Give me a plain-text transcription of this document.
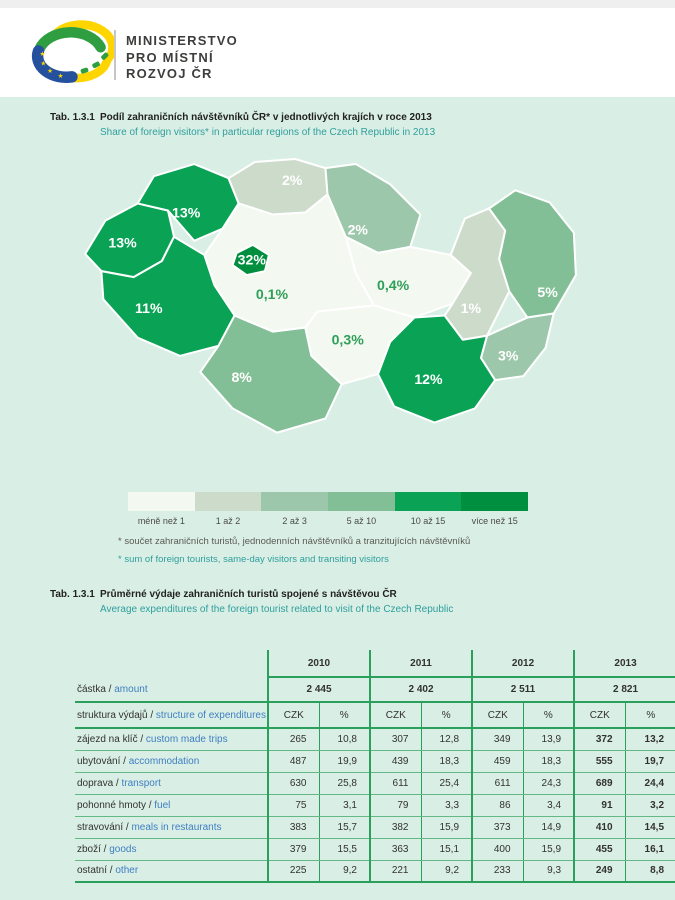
★
★
★
★
MINISTERSTVO
PRO MÍSTNÍ
ROZVOJ ČR
Tab. 1.3.1 Podíl zahraničních návštěvníků ČR* v jednotlivých krajích v roce 2013
Share of foreign visitors* in particular regions of the Czech Republic in 2013
13%
13%
2%
2%
0,4%
1%
5%
3%
12%
0,3%
0,1%
11%
8%
32%
méně než 1	1 až 2	2 až 3	5 až 10	10 až 15	více než 15
* součet zahraničních turistů, jednodenních návštěvníků a tranzitujících návštěvníků
* sum of foreign tourists, same-day visitors and transiting visitors
Tab. 1.3.1 Průměrné výdaje zahraničních turistů spojené s návštěvou ČR
Average expenditures of the foreign tourist related to visit of the Czech Republic
	2010		2011		2012		2013	
částka / amount	2 445		2 402		2 511		2 821	
struktura výdajů / structure of expenditures	CZK	%	CZK	%	CZK	%	CZK	%
zájezd na klíč / custom made trips	265	10,8	307	12,8	349	13,9	372	13,2
ubytování / accommodation	487	19,9	439	18,3	459	18,3	555	19,7
doprava / transport	630	25,8	611	25,4	611	24,3	689	24,4
pohonné hmoty / fuel	75	3,1	79	3,3	86	3,4	91	3,2
stravování / meals in restaurants	383	15,7	382	15,9	373	14,9	410	14,5
zboží / goods	379	15,5	363	15,1	400	15,9	455	16,1
ostatní / other	225	9,2	221	9,2	233	9,3	249	8,8
